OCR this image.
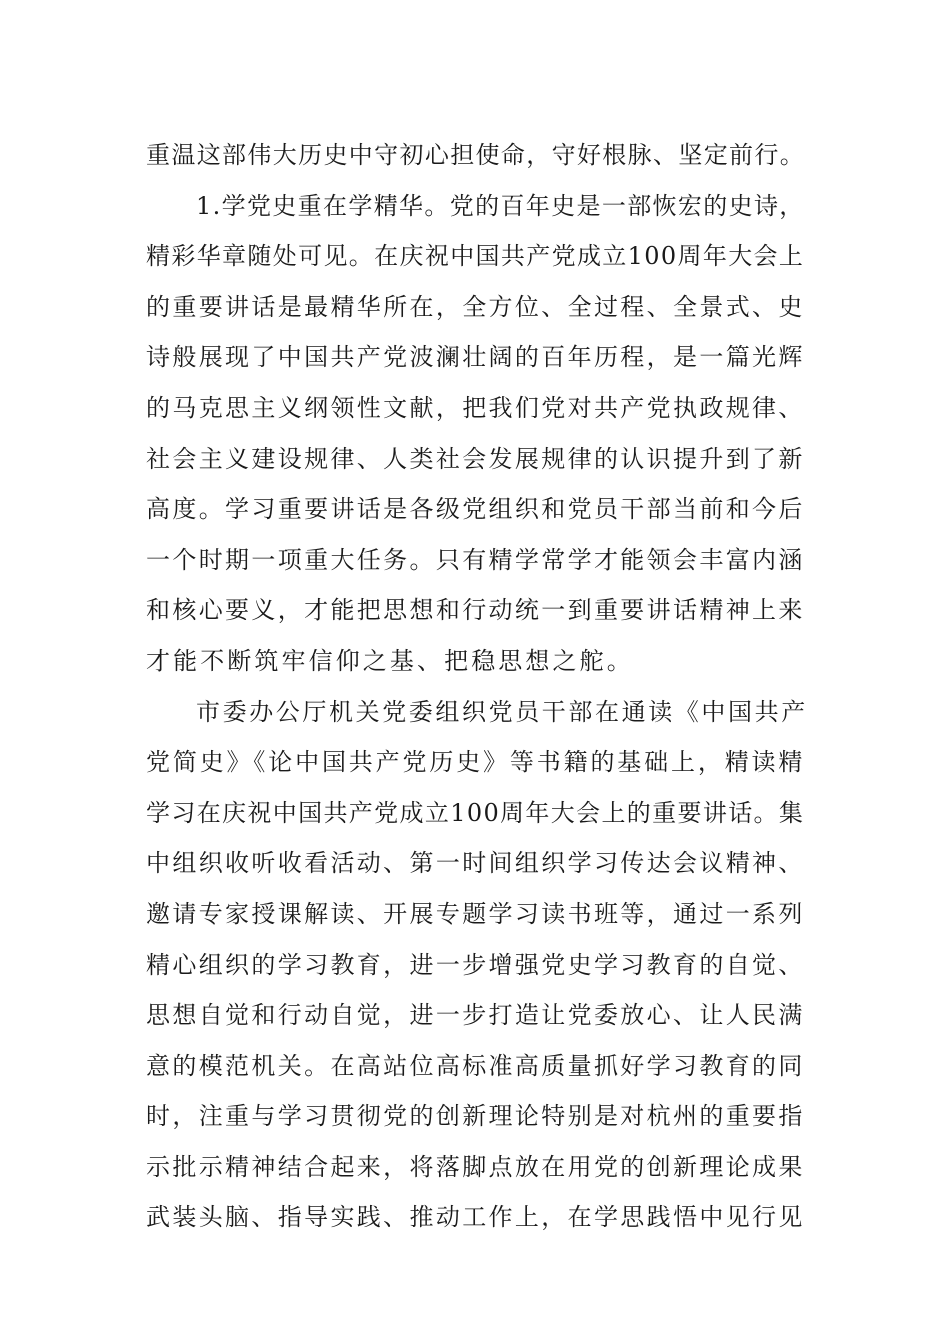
重温这部伟大历史中守初心担使命，守好根脉、坚定前行。
1.学党史重在学精华。党的百年史是一部恢宏的史诗，
精彩华章随处可见。在庆祝中国共产党成立100周年大会上
的重要讲话是最精华所在，全方位、全过程、全景式、史
诗般展现了中国共产党波澜壮阔的百年历程，是一篇光辉
的马克思主义纲领性文献，把我们党对共产党执政规律、
社会主义建设规律、人类社会发展规律的认识提升到了新
高度。学习重要讲话是各级党组织和党员干部当前和今后
一个时期一项重大任务。只有精学常学才能领会丰富内涵
和核心要义，才能把思想和行动统一到重要讲话精神上来
才能不断筑牢信仰之基、把稳思想之舵。
市委办公厅机关党委组织党员干部在通读《中国共产
党简史》《论中国共产党历史》等书籍的基础上，精读精
学习在庆祝中国共产党成立100周年大会上的重要讲话。集
中组织收听收看活动、第一时间组织学习传达会议精神、
邀请专家授课解读、开展专题学习读书班等，通过一系列
精心组织的学习教育，进一步增强党史学习教育的自觉、
思想自觉和行动自觉，进一步打造让党委放心、让人民满
意的模范机关。在高站位高标准高质量抓好学习教育的同
时，注重与学习贯彻党的创新理论特别是对杭州的重要指
示批示精神结合起来，将落脚点放在用党的创新理论成果
武装头脑、指导实践、推动工作上，在学思践悟中见行见
